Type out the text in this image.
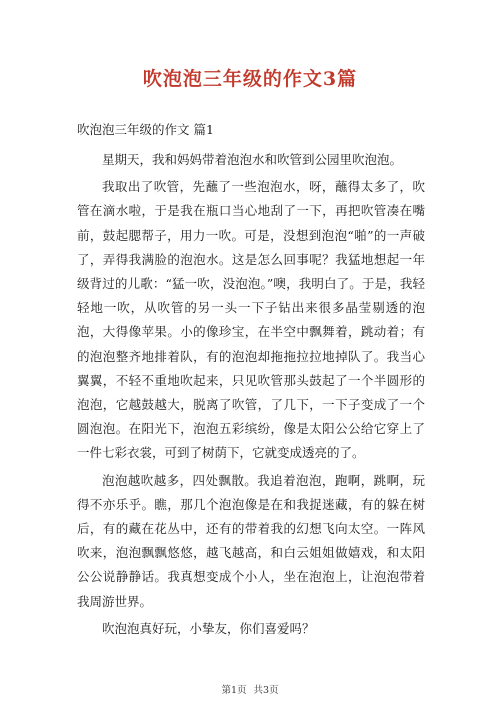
吹泡泡三年级的作文3篇
吹泡泡三年级的作文 篇1

星期天，我和妈妈带着泡泡水和吹管到公园里吹泡泡。

我取出了吹管，先蘸了一些泡泡水，呀，蘸得太多了，吹管在滴水啦，于是我在瓶口当心地刮了一下，再把吹管凑在嘴前，鼓起腮帮子，用力一吹。可是，没想到泡泡“啪”的一声破了，弄得我满脸的泡泡水。这是怎么回事呢？我猛地想起一年级背过的儿歌：“猛一吹，没泡泡。”噢，我明白了。于是，我轻轻地一吹，从吹管的另一头一下子钻出来很多晶莹剔透的泡泡，大得像苹果。小的像珍宝，在半空中飘舞着，跳动着；有的泡泡整齐地排着队，有的泡泡却拖拖拉拉地掉队了。我当心翼翼，不轻不重地吹起来，只见吹管那头鼓起了一个半圆形的泡泡，它越鼓越大，脱离了吹管，了几下，一下子变成了一个圆泡泡。在阳光下，泡泡五彩缤纷，像是太阳公公给它穿上了一件七彩衣裳，可到了树荫下，它就变成透亮的了。

泡泡越吹越多，四处飘散。我追着泡泡，跑啊，跳啊，玩得不亦乐乎。瞧，那几个泡泡像是在和我捉迷藏，有的躲在树后，有的藏在花丛中，还有的带着我的幻想飞向太空。一阵风吹来，泡泡飘飘悠悠，越飞越高，和白云姐姐做嬉戏，和太阳公公说静静话。我真想变成个小人，坐在泡泡上，让泡泡带着我周游世界。

吹泡泡真好玩，小挚友，你们喜爱吗？

第1页 共3页
